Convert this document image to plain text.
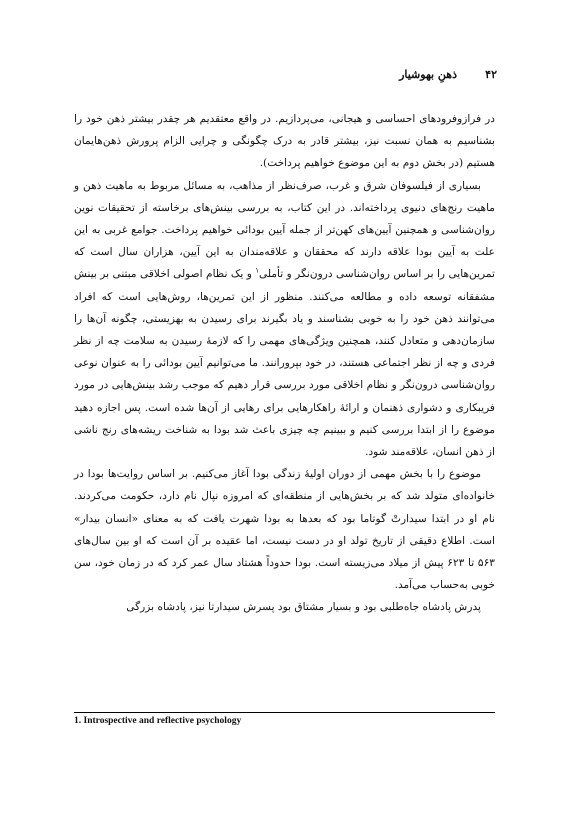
۴۲
ذهنِ بهوشیار

در فرازوفرودهای احساسی و هیجانی، می‌پردازیم. در واقع معتقدیم هر چقدر بیشتر ذهن خود را بشناسیم به همان نسبت نیز، بیشتر قادر به درک چگونگی و چرایی الزام پرورش ذهن‌هایمان هستیم (در بخش دوم به این موضوع خواهیم پرداخت).

بسیاری از فیلسوفان شرق و غرب، صرف‌نظر از مذاهب، به مسائل مربوط به ماهیت ذهن و ماهیت رنج‌های دنیوی پرداخته‌اند. در این کتاب، به بررسی بینش‌های برخاسته از تحقیقات نوین روان‌شناسی و همچنین آیین‌های کهن‌تر از جمله آیین بودائی خواهیم پرداخت. جوامع غربی به این علت به آیین بودا علاقه دارند که محققان و علاقه‌مندان به این آیین، هزاران سال است که تمرین‌هایی را بر اساس روان‌شناسی درون‌نگر و تأملی$^۱$ و یک نظام اصولی اخلاقی مبتنی بر بینش مشفقانه توسعه داده و مطالعه می‌کنند. منظور از این تمرین‌ها، روش‌هایی است که افراد می‌توانند ذهن خود را به خوبی بشناسند و یاد بگیرند برای رسیدن به بهزیستی، چگونه آن‌ها را سازمان‌دهی و متعادل کنند، همچنین ویژگی‌های مهمی را که لازمهٔ رسیدن به سلامت چه از نظر فردی و چه از نظر اجتماعی هستند، در خود بپرورانند. ما می‌توانیم آیین بودائی را به عنوان نوعی روان‌شناسی درون‌نگر و نظام اخلاقی مورد بررسی قرار دهیم که موجب رشد بینش‌هایی در مورد فریبکاری و دشواری ذهنمان و ارائهٔ راهکارهایی برای رهایی از آن‌ها شده است. پس اجازه دهید موضوع را از ابتدا بررسی کنیم و ببینیم چه چیزی باعث شد بودا به شناخت ریشه‌های رنج ناشی از ذهن انسان، علاقه‌مند شود.

موضوع را با بخش مهمی از دوران اولیهٔ زندگی بودا آغاز می‌کنیم. بر اساس روایت‌ها بودا در خانواده‌ای متولد شد که بر بخش‌هایی از منطقه‌ای که امروزه نپال نام دارد، حکومت می‌کردند. نام او در ابتدا سیدارتْ گوتاما بود که بعدها به بودا شهرت یافت که به معنای «انسان بیدار» است. اطلاع دقیقی از تاریخ تولد او در دست نیست، اما عقیده بر آن است که او بین سال‌های ۵۶۳ تا ۶۲۳ پیش از میلاد می‌زیسته است. بودا حدوداً هشتاد سال عمر کرد که در زمان خود، سن خوبی به‌حساب می‌آمد.

پدرش پادشاه جاه‌طلبی بود و بسیار مشتاق بود پسرش سیدارتا نیز، پادشاه بزرگی

1. Introspective and reflective psychology
